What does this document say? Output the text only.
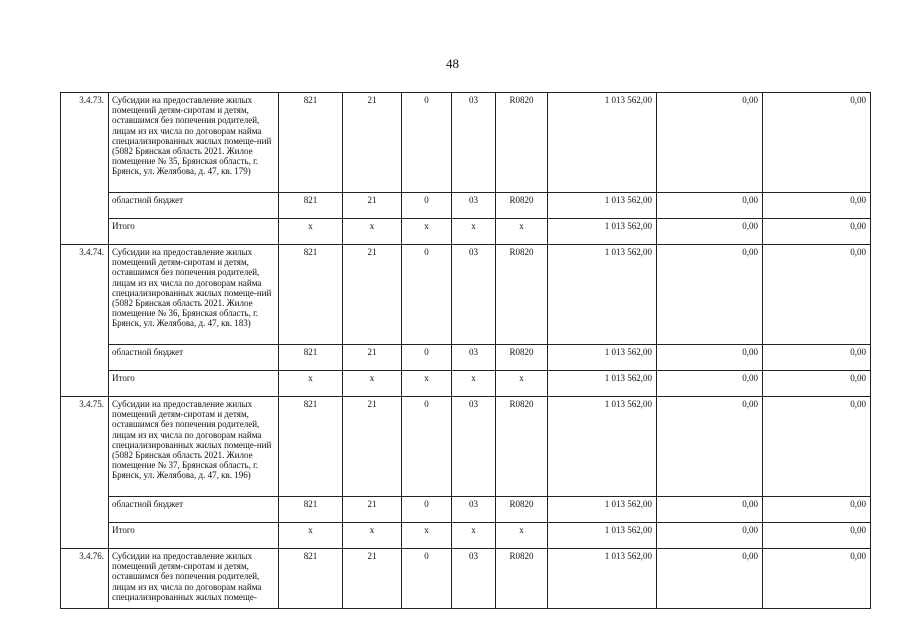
48
3.4.73.	Субсидии на предоставление жилых помещений детям-сиротам и детям, оставшимся без попечения родителей, лицам из их числа по договорам найма специализированных жилых помеще-ний (5082 Брянская область 2021. Жилое помещение № 35, Брянская область, г. Брянск, ул. Желябова, д. 47, кв. 179)	821	21	0	03	R0820	1 013 562,00	0,00	0,00
	областной бюджет	821	21	0	03	R0820	1 013 562,00	0,00	0,00
	Итого	x	x	x	x	x	1 013 562,00	0,00	0,00
3.4.74.	Субсидии на предоставление жилых помещений детям-сиротам и детям, оставшимся без попечения родителей, лицам из их числа по договорам найма специализированных жилых помеще-ний (5082 Брянская область 2021. Жилое помещение № 36, Брянская область, г. Брянск, ул. Желябова, д. 47, кв. 183)	821	21	0	03	R0820	1 013 562,00	0,00	0,00
	областной бюджет	821	21	0	03	R0820	1 013 562,00	0,00	0,00
	Итого	x	x	x	x	x	1 013 562,00	0,00	0,00
3.4.75.	Субсидии на предоставление жилых помещений детям-сиротам и детям, оставшимся без попечения родителей, лицам из их числа по договорам найма специализированных жилых помеще-ний (5082 Брянская область 2021. Жилое помещение № 37, Брянская область, г. Брянск, ул. Желябова, д. 47, кв. 196)	821	21	0	03	R0820	1 013 562,00	0,00	0,00
	областной бюджет	821	21	0	03	R0820	1 013 562,00	0,00	0,00
	Итого	x	x	x	x	x	1 013 562,00	0,00	0,00
3.4.76.	Субсидии на предоставление жилых помещений детям-сиротам и детям, оставшимся без попечения родителей, лицам из их числа по договорам найма специализированных жилых помеще-	821	21	0	03	R0820	1 013 562,00	0,00	0,00
